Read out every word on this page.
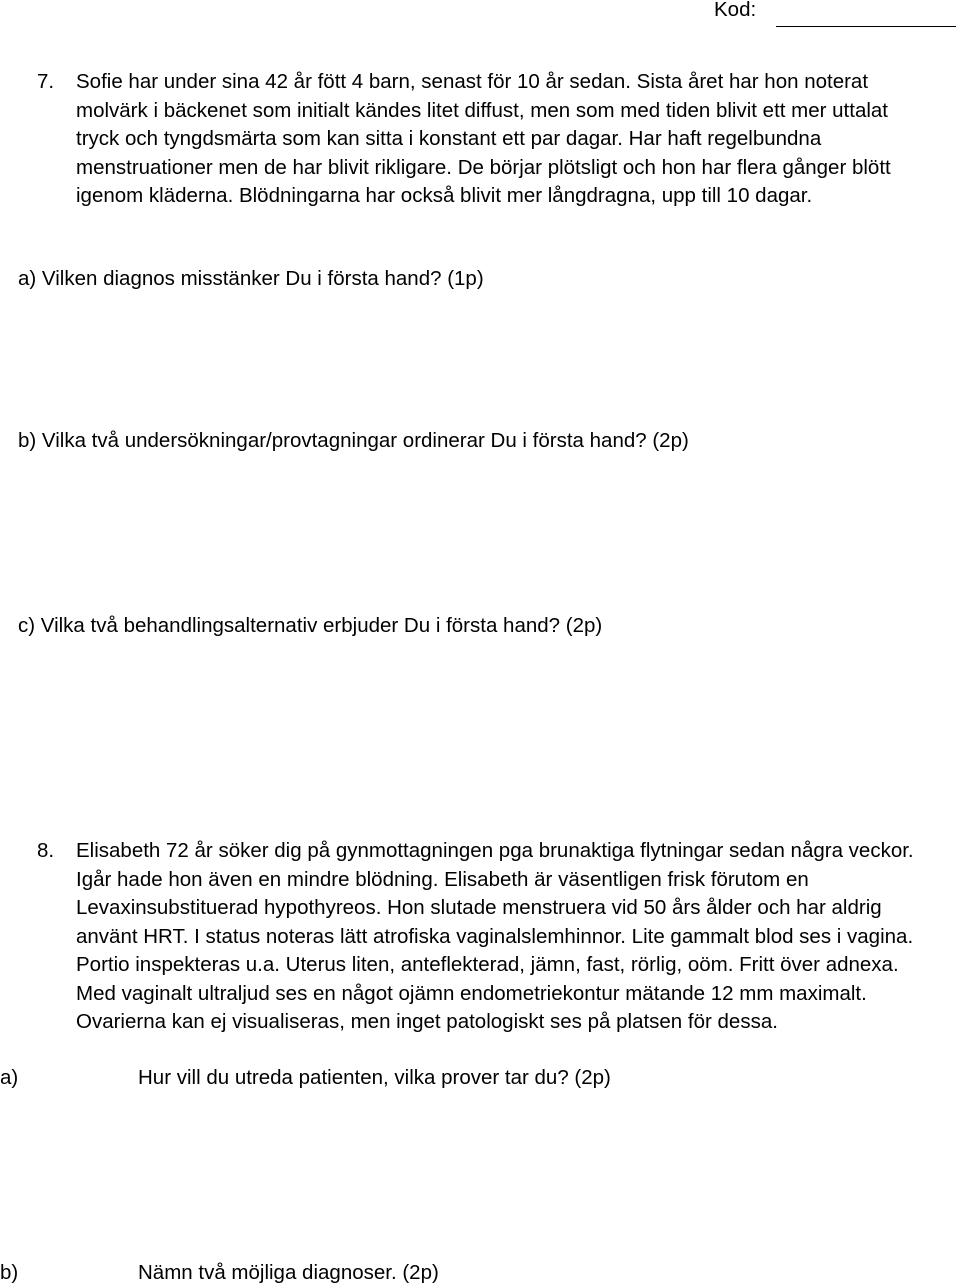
Kod:
7. Sofie har under sina 42 år fött 4 barn, senast för 10 år sedan. Sista året har hon noterat
molvärk i bäckenet som initialt kändes litet diffust, men som med tiden blivit ett mer uttalat
tryck och tyngdsmärta som kan sitta i konstant ett par dagar. Har haft regelbundna
menstruationer men de har blivit rikligare. De börjar plötsligt och hon har flera gånger blött
igenom kläderna. Blödningarna har också blivit mer långdragna, upp till 10 dagar.
a) Vilken diagnos misstänker Du i första hand? (1p)
b) Vilka två undersökningar/provtagningar ordinerar Du i första hand? (2p)
c) Vilka två behandlingsalternativ erbjuder Du i första hand? (2p)
8. Elisabeth 72 år söker dig på gynmottagningen pga brunaktiga flytningar sedan några veckor.
Igår hade hon även en mindre blödning. Elisabeth är väsentligen frisk förutom en
Levaxinsubstituerad hypothyreos. Hon slutade menstruera vid 50 års ålder och har aldrig
använt HRT. I status noteras lätt atrofiska vaginalslemhinnor. Lite gammalt blod ses i vagina.
Portio inspekteras u.a. Uterus liten, anteflekterad, jämn, fast, rörlig, oöm. Fritt över adnexa.
Med vaginalt ultraljud ses en något ojämn endometriekontur mätande 12 mm maximalt.
Ovarierna kan ej visualiseras, men inget patologiskt ses på platsen för dessa.
a)	Hur vill du utreda patienten, vilka prover tar du? (2p)
b)	Nämn två möjliga diagnoser. (2p)
